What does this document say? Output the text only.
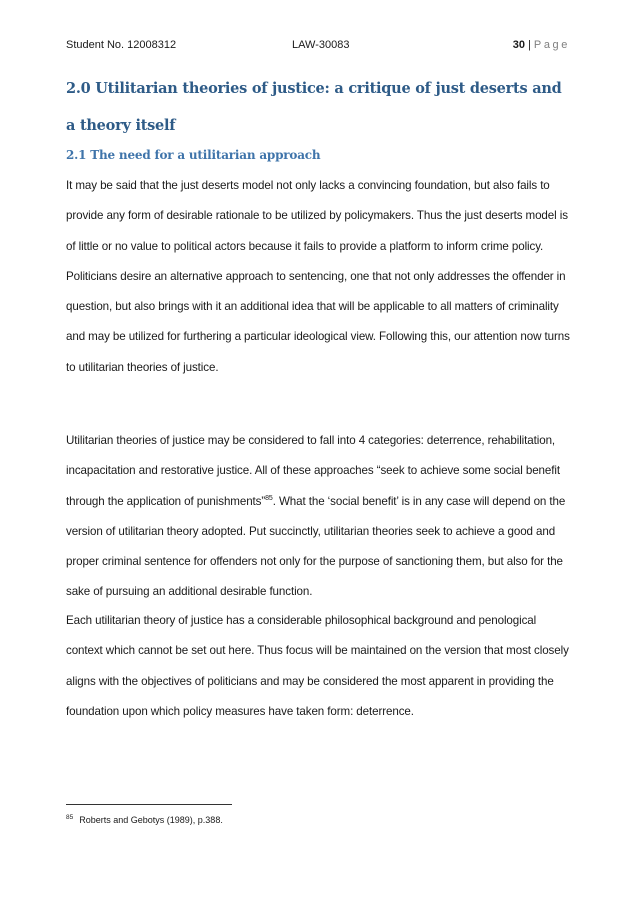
Student No. 12008312	LAW-30083	30 | Page
2.0 Utilitarian theories of justice: a critique of just deserts and a theory itself
2.1 The need for a utilitarian approach

It may be said that the just deserts model not only lacks a convincing foundation, but also fails to provide any form of desirable rationale to be utilized by policymakers. Thus the just deserts model is of little or no value to political actors because it fails to provide a platform to inform crime policy. Politicians desire an alternative approach to sentencing, one that not only addresses the offender in question, but also brings with it an additional idea that will be applicable to all matters of criminality and may be utilized for furthering a particular ideological view. Following this, our attention now turns to utilitarian theories of justice.

Utilitarian theories of justice may be considered to fall into 4 categories: deterrence, rehabilitation, incapacitation and restorative justice. All of these approaches “seek to achieve some social benefit through the application of punishments”$^{85}$. What the ‘social benefit’ is in any case will depend on the version of utilitarian theory adopted. Put succinctly, utilitarian theories seek to achieve a good and proper criminal sentence for offenders not only for the purpose of sanctioning them, but also for the sake of pursuing an additional desirable function.

Each utilitarian theory of justice has a considerable philosophical background and penological context which cannot be set out here. Thus focus will be maintained on the version that most closely aligns with the objectives of politicians and may be considered the most apparent in providing the foundation upon which policy measures have taken form: deterrence.

$^{85}$ Roberts and Gebotys (1989), p.388.
